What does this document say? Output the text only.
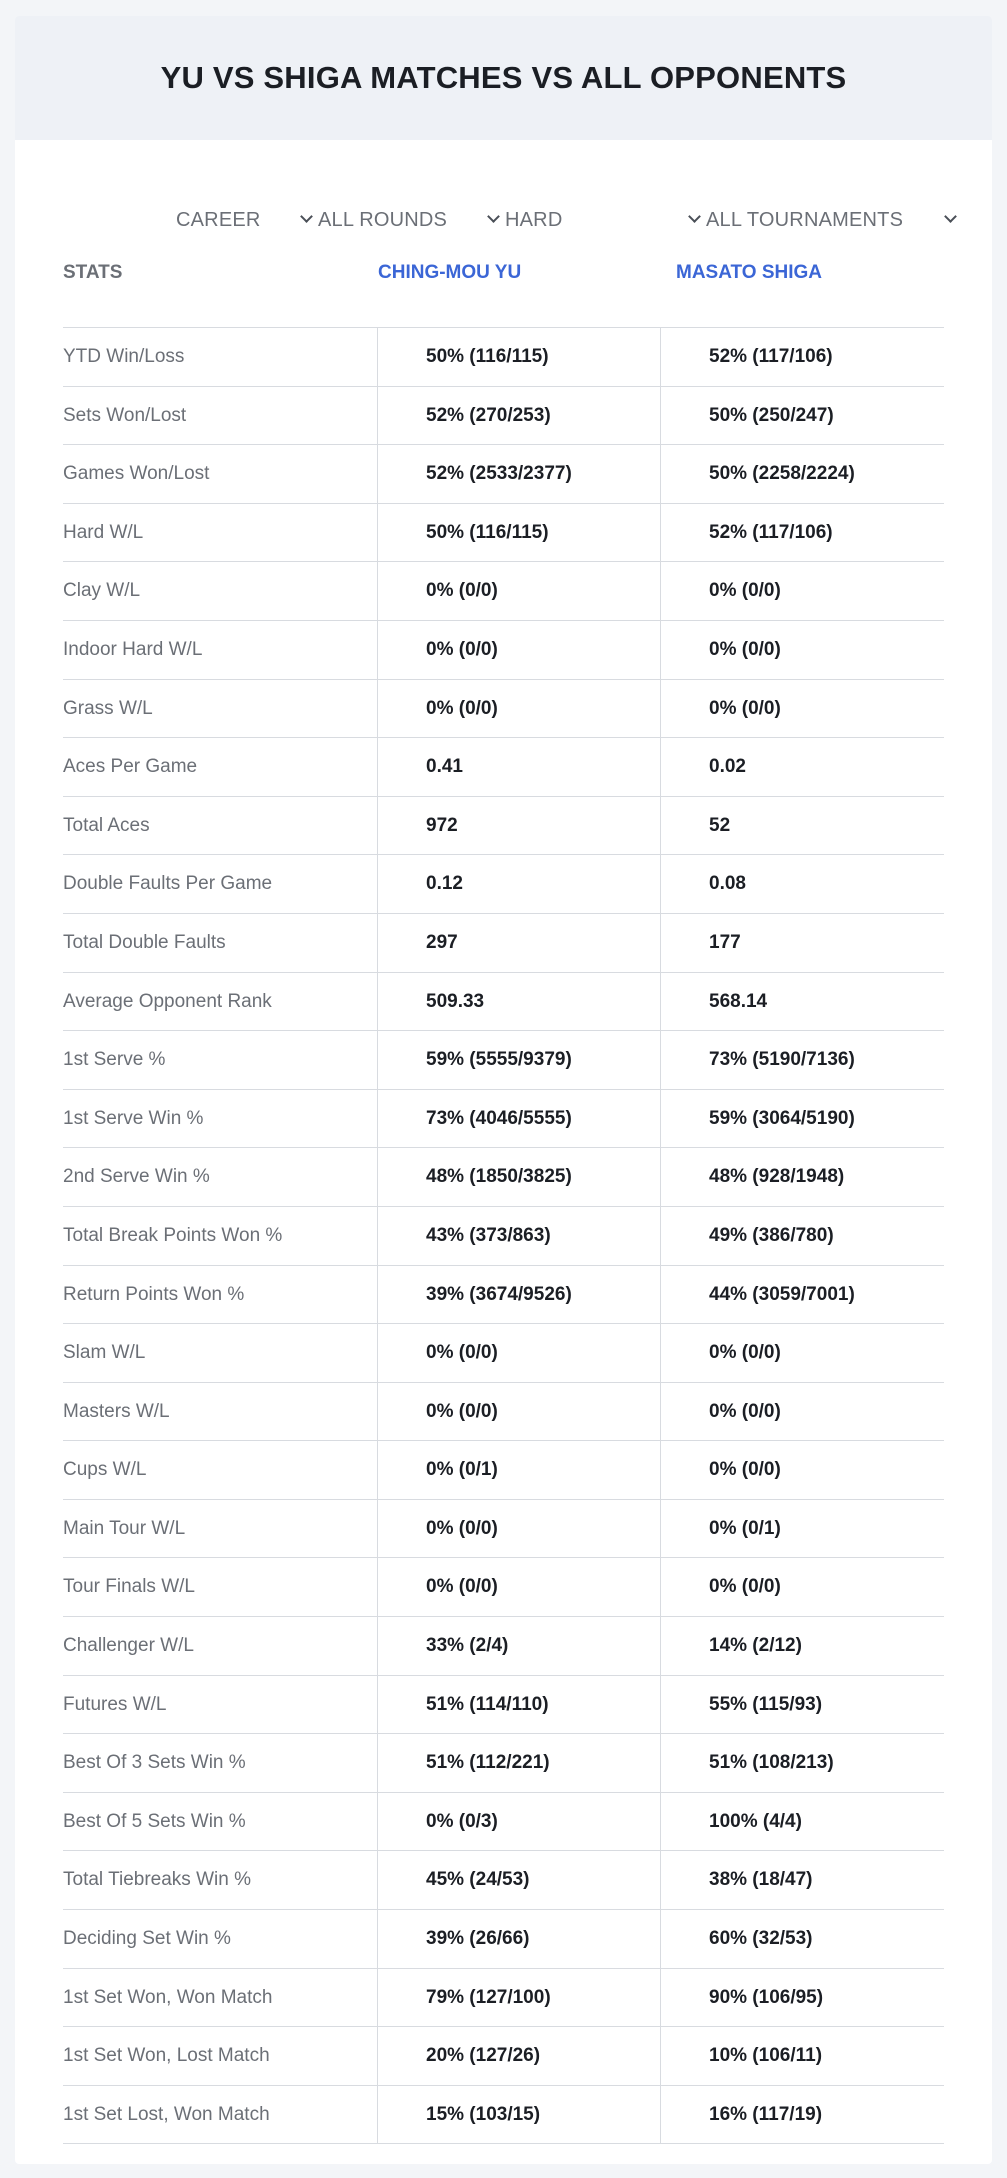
YU VS SHIGA MATCHES VS ALL OPPONENTS
CAREER	ALL ROUNDS	HARD	ALL TOURNAMENTS
STATS	CHING-MOU YU	MASATO SHIGA
YTD Win/Loss	50% (116/115)	52% (117/106)
Sets Won/Lost	52% (270/253)	50% (250/247)
Games Won/Lost	52% (2533/2377)	50% (2258/2224)
Hard W/L	50% (116/115)	52% (117/106)
Clay W/L	0% (0/0)	0% (0/0)
Indoor Hard W/L	0% (0/0)	0% (0/0)
Grass W/L	0% (0/0)	0% (0/0)
Aces Per Game	0.41	0.02
Total Aces	972	52
Double Faults Per Game	0.12	0.08
Total Double Faults	297	177
Average Opponent Rank	509.33	568.14
1st Serve %	59% (5555/9379)	73% (5190/7136)
1st Serve Win %	73% (4046/5555)	59% (3064/5190)
2nd Serve Win %	48% (1850/3825)	48% (928/1948)
Total Break Points Won %	43% (373/863)	49% (386/780)
Return Points Won %	39% (3674/9526)	44% (3059/7001)
Slam W/L	0% (0/0)	0% (0/0)
Masters W/L	0% (0/0)	0% (0/0)
Cups W/L	0% (0/1)	0% (0/0)
Main Tour W/L	0% (0/0)	0% (0/1)
Tour Finals W/L	0% (0/0)	0% (0/0)
Challenger W/L	33% (2/4)	14% (2/12)
Futures W/L	51% (114/110)	55% (115/93)
Best Of 3 Sets Win %	51% (112/221)	51% (108/213)
Best Of 5 Sets Win %	0% (0/3)	100% (4/4)
Total Tiebreaks Win %	45% (24/53)	38% (18/47)
Deciding Set Win %	39% (26/66)	60% (32/53)
1st Set Won, Won Match	79% (127/100)	90% (106/95)
1st Set Won, Lost Match	20% (127/26)	10% (106/11)
1st Set Lost, Won Match	15% (103/15)	16% (117/19)
